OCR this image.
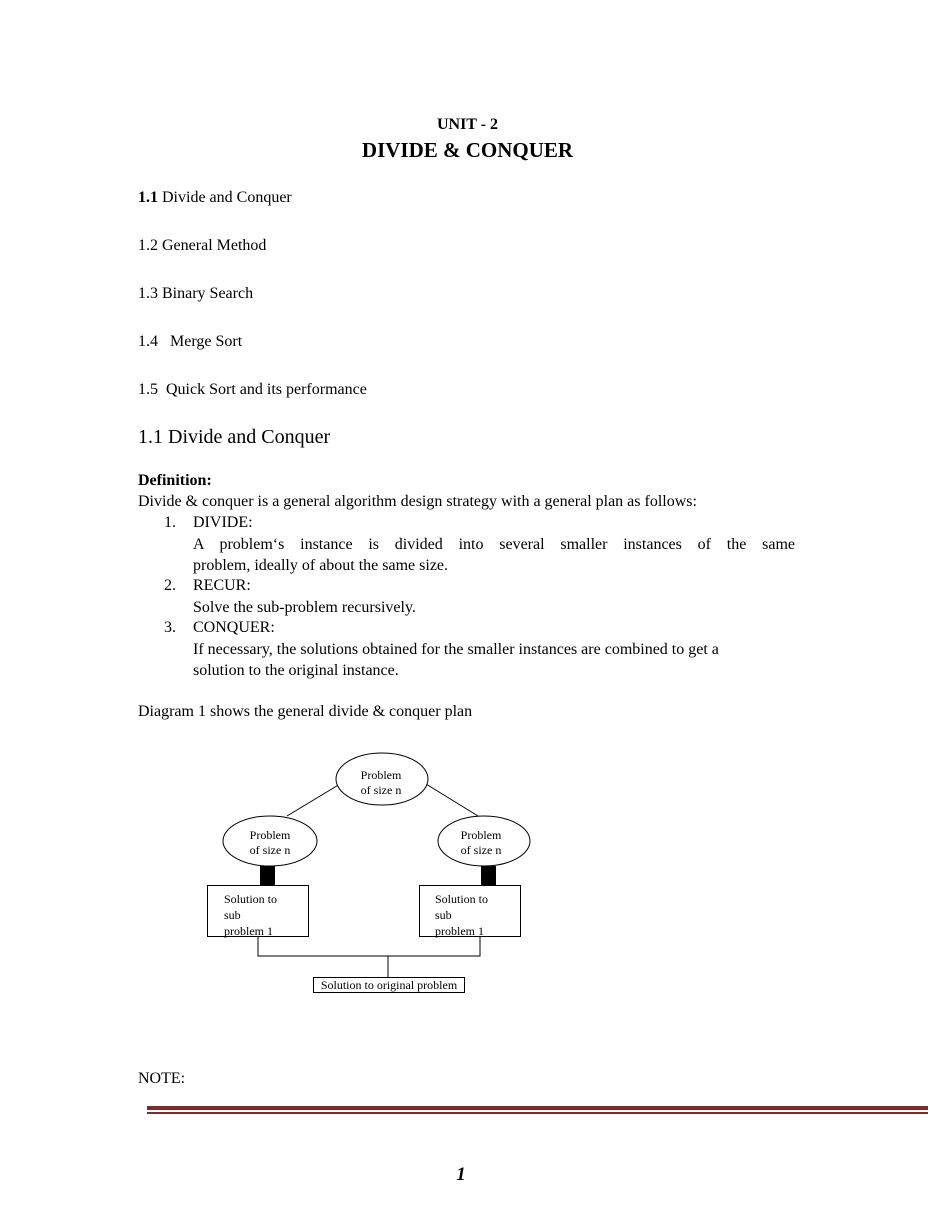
UNIT - 2
DIVIDE & CONQUER
1.1 Divide and Conquer
1.2 General Method
1.3 Binary Search
1.4 Merge Sort
1.5 Quick Sort and its performance
1.1 Divide and Conquer
Definition:
Divide & conquer is a general algorithm design strategy with a general plan as follows:
1. DIVIDE:
A problem‘s instance is divided into several smaller instances of the same
problem, ideally of about the same size.
2. RECUR:
Solve the sub-problem recursively.
3. CONQUER:
If necessary, the solutions obtained for the smaller instances are combined to get a
solution to the original instance.
Diagram 1 shows the general divide & conquer plan
Problem
of size n
Problem
of size n
Problem
of size n
Solution to
sub
problem 1
Solution to
sub
problem 1
Solution to original problem
NOTE:
1
